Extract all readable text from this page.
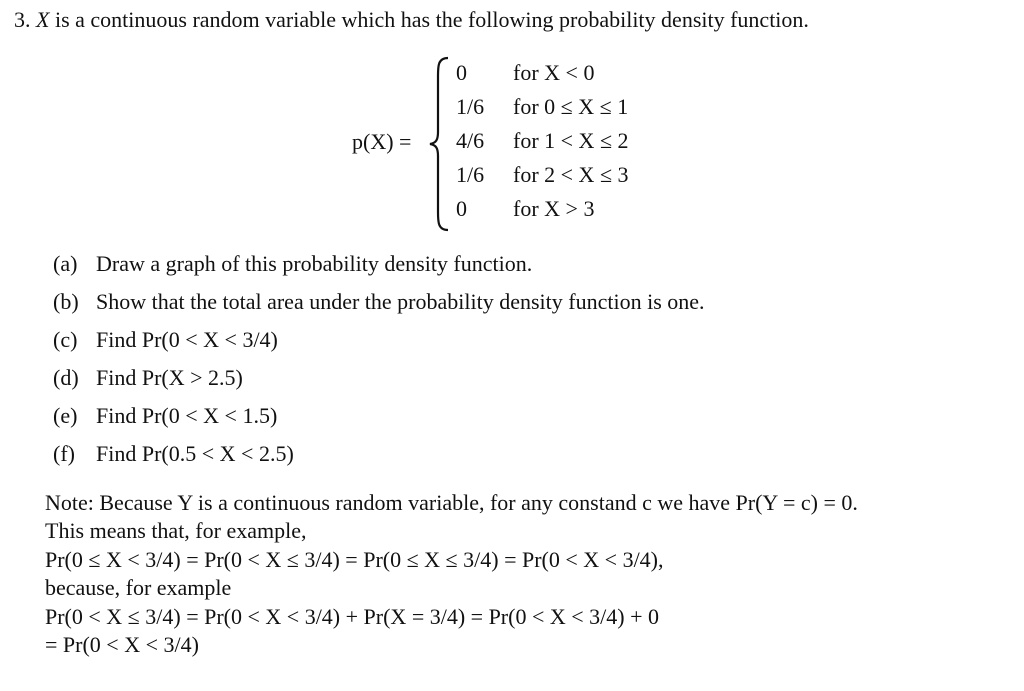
3. X is a continuous random variable which has the following probability density function.
p(X) =
0 for X < 0
1/6 for 0 ≤ X ≤ 1
4/6 for 1 < X ≤ 2
1/6 for 2 < X ≤ 3
0 for X > 3
(a) Draw a graph of this probability density function.
(b) Show that the total area under the probability density function is one.
(c) Find Pr(0 < X < 3/4)
(d) Find Pr(X > 2.5)
(e) Find Pr(0 < X < 1.5)
(f) Find Pr(0.5 < X < 2.5)
Note: Because Y is a continuous random variable, for any constand c we have Pr(Y = c) = 0.
This means that, for example,
Pr(0 ≤ X < 3/4) = Pr(0 < X ≤ 3/4) = Pr(0 ≤ X ≤ 3/4) = Pr(0 < X < 3/4),
because, for example
Pr(0 < X ≤ 3/4) = Pr(0 < X < 3/4) + Pr(X = 3/4) = Pr(0 < X < 3/4) + 0
= Pr(0 < X < 3/4)
